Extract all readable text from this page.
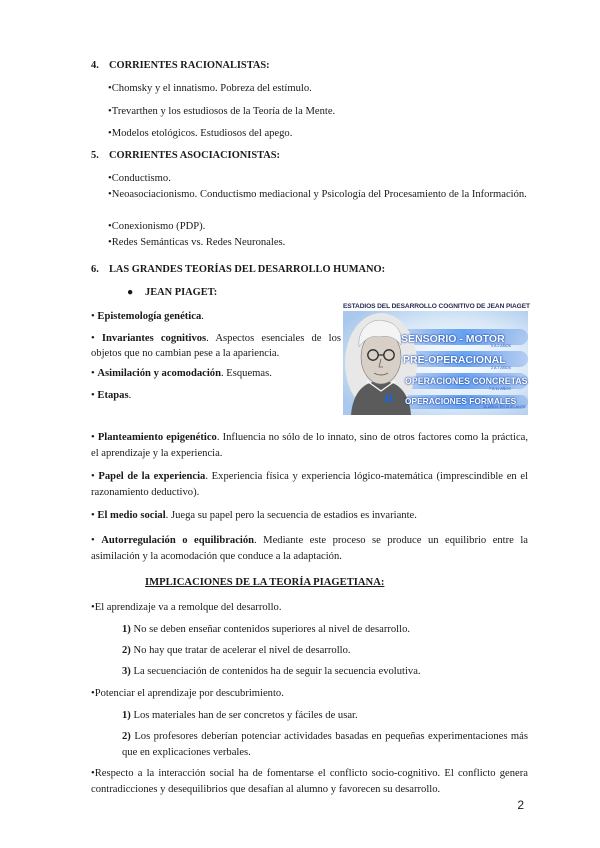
4. CORRIENTES RACIONALISTAS:
• Chomsky y el innatismo. Pobreza del estímulo.
• Trevarthen y los estudiosos de la Teoría de la Mente.
• Modelos etológicos. Estudiosos del apego.
5. CORRIENTES ASOCIACIONISTAS:
• Conductismo.
• Neoasociacionismo. Conductismo mediacional y Psicología del Procesamiento de la Información.
• Conexionismo (PDP).
• Redes Semánticas vs. Redes Neuronales.
6. LAS GRANDES TEORÍAS DEL DESARROLLO HUMANO:
● JEAN PIAGET:
• Epistemología genética.
• Invariantes cognitivos. Aspectos esenciales de los objetos que no cambian pese a la apariencia.
• Asimilación y acomodación. Esquemas.
• Etapas.
ESTADIOS DEL DESARROLLO COGNITIVO DE JEAN PIAGET
SENSORIO - MOTOR
0 A 2 AÑOS
PRE-OPERACIONAL
2 A 7 AÑOS
OPERACIONES CONCRETAS
7 A 11 AÑOS
OPERACIONES FORMALES
11 AÑOS EN ADELANTE
π
• Planteamiento epigenético. Influencia no sólo de lo innato, sino de otros factores como la práctica, el aprendizaje y la experiencia.
• Papel de la experiencia. Experiencia física y experiencia lógico-matemática (imprescindible en el razonamiento deductivo).
• El medio social. Juega su papel pero la secuencia de estadios es invariante.
• Autorregulación o equilibración. Mediante este proceso se produce un equilibrio entre la asimilación y la acomodación que conduce a la adaptación.
IMPLICACIONES DE LA TEORÍA PIAGETIANA:
• El aprendizaje va a remolque del desarrollo.
1) No se deben enseñar contenidos superiores al nivel de desarrollo.
2) No hay que tratar de acelerar el nivel de desarrollo.
3) La secuenciación de contenidos ha de seguir la secuencia evolutiva.
• Potenciar el aprendizaje por descubrimiento.
1) Los materiales han de ser concretos y fáciles de usar.
2) Los profesores deberían potenciar actividades basadas en pequeñas experimentaciones más que en explicaciones verbales.
• Respecto a la interacción social ha de fomentarse el conflicto socio-cognitivo. El conflicto genera contradicciones y desequilibrios que desafían al alumno y favorecen su desarrollo.
2
